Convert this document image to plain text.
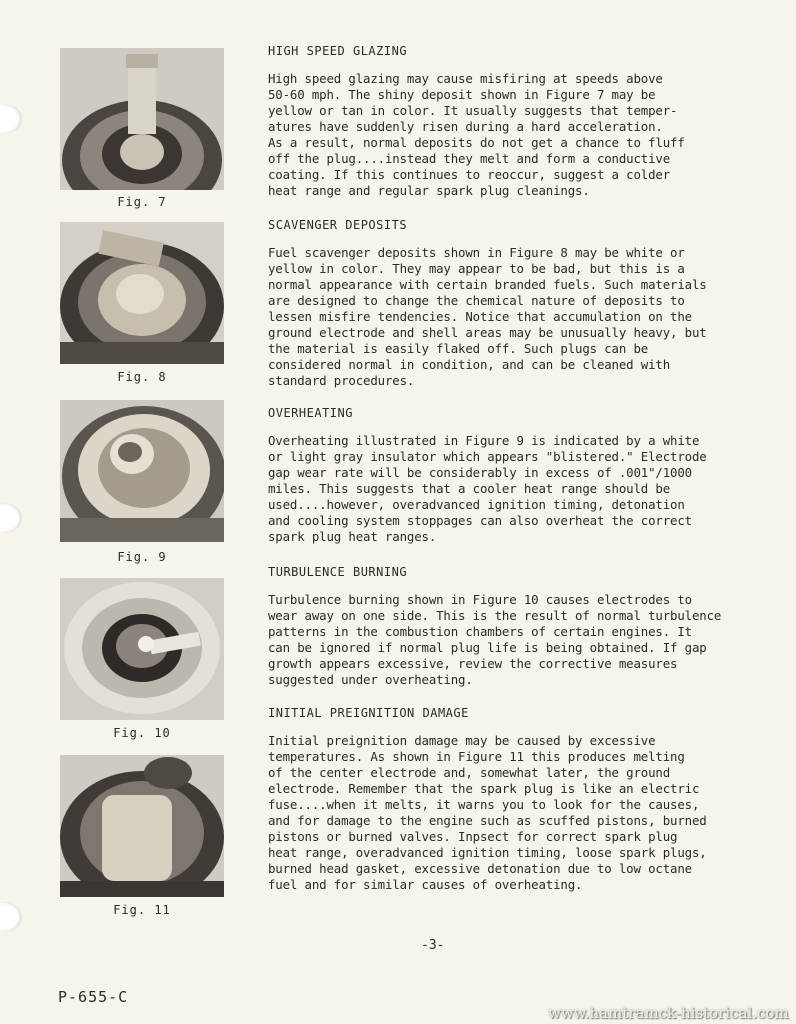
Fig. 7
Fig. 8
Fig. 9
Fig. 10
Fig. 11
HIGH SPEED GLAZING
High speed glazing may cause misfiring at speeds above
50-60 mph. The shiny deposit shown in Figure 7 may be
yellow or tan in color. It usually suggests that temper-
atures have suddenly risen during a hard acceleration.
As a result, normal deposits do not get a chance to fluff
off the plug....instead they melt and form a conductive
coating. If this continues to reoccur, suggest a colder
heat range and regular spark plug cleanings.
SCAVENGER DEPOSITS
Fuel scavenger deposits shown in Figure 8 may be white or
yellow in color. They may appear to be bad, but this is a
normal appearance with certain branded fuels. Such materials
are designed to change the chemical nature of deposits to
lessen misfire tendencies. Notice that accumulation on the
ground electrode and shell areas may be unusually heavy, but
the material is easily flaked off. Such plugs can be
considered normal in condition, and can be cleaned with
standard procedures.
OVERHEATING
Overheating illustrated in Figure 9 is indicated by a white
or light gray insulator which appears "blistered." Electrode
gap wear rate will be considerably in excess of .001"/1000
miles. This suggests that a cooler heat range should be
used....however, overadvanced ignition timing, detonation
and cooling system stoppages can also overheat the correct
spark plug heat ranges.
TURBULENCE BURNING
Turbulence burning shown in Figure 10 causes electrodes to
wear away on one side. This is the result of normal turbulence
patterns in the combustion chambers of certain engines. It
can be ignored if normal plug life is being obtained. If gap
growth appears excessive, review the corrective measures
suggested under overheating.
INITIAL PREIGNITION DAMAGE
Initial preignition damage may be caused by excessive
temperatures. As shown in Figure 11 this produces melting
of the center electrode and, somewhat later, the ground
electrode. Remember that the spark plug is like an electric
fuse....when it melts, it warns you to look for the causes,
and for damage to the engine such as scuffed pistons, burned
pistons or burned valves. Inpsect for correct spark plug
heat range, overadvanced ignition timing, loose spark plugs,
burned head gasket, excessive detonation due to low octane
fuel and for similar causes of overheating.
-3-
P-655-C
www.hamtramck-historical.com
